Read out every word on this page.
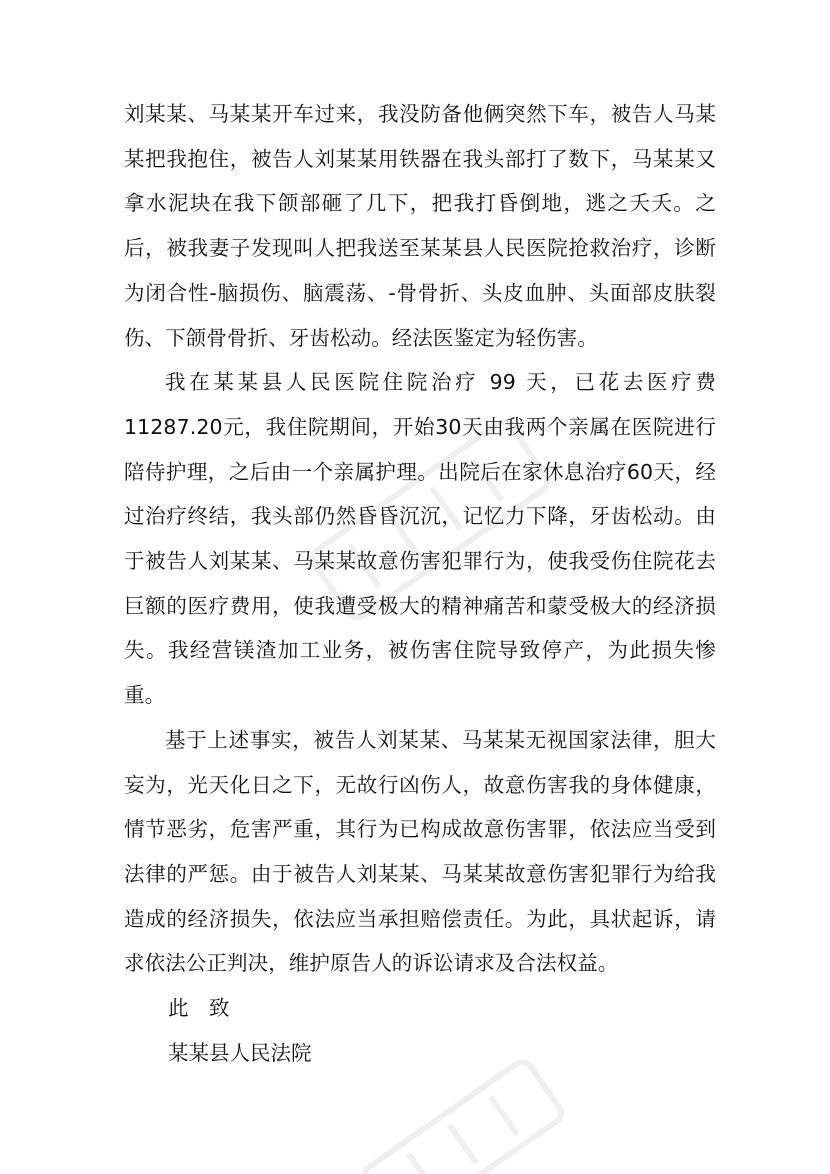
刘某某、马某某开车过来，我没防备他俩突然下车，被告人马某某把我抱住，被告人刘某某用铁器在我头部打了数下，马某某又拿水泥块在我下颌部砸了几下，把我打昏倒地，逃之夭夭。之后，被我妻子发现叫人把我送至某某县人民医院抢救治疗，诊断为闭合性-脑损伤、脑震荡、-骨骨折、头皮血肿、头面部皮肤裂伤、下颌骨骨折、牙齿松动。经法医鉴定为轻伤害。

我在某某县人民医院住院治疗 99 天，已花去医疗费11287.20元，我住院期间，开始30天由我两个亲属在医院进行陪侍护理，之后由一个亲属护理。出院后在家休息治疗60天，经过治疗终结，我头部仍然昏昏沉沉，记忆力下降，牙齿松动。由于被告人刘某某、马某某故意伤害犯罪行为，使我受伤住院花去巨额的医疗费用，使我遭受极大的精神痛苦和蒙受极大的经济损失。我经营镁渣加工业务，被伤害住院导致停产，为此损失惨重。

基于上述事实，被告人刘某某、马某某无视国家法律，胆大妄为，光天化日之下，无故行凶伤人，故意伤害我的身体健康，情节恶劣，危害严重，其行为已构成故意伤害罪，依法应当受到法律的严惩。由于被告人刘某某、马某某故意伤害犯罪行为给我造成的经济损失，依法应当承担赔偿责任。为此，具状起诉，请求依法公正判决，维护原告人的诉讼请求及合法权益。

此　致

某某县人民法院
